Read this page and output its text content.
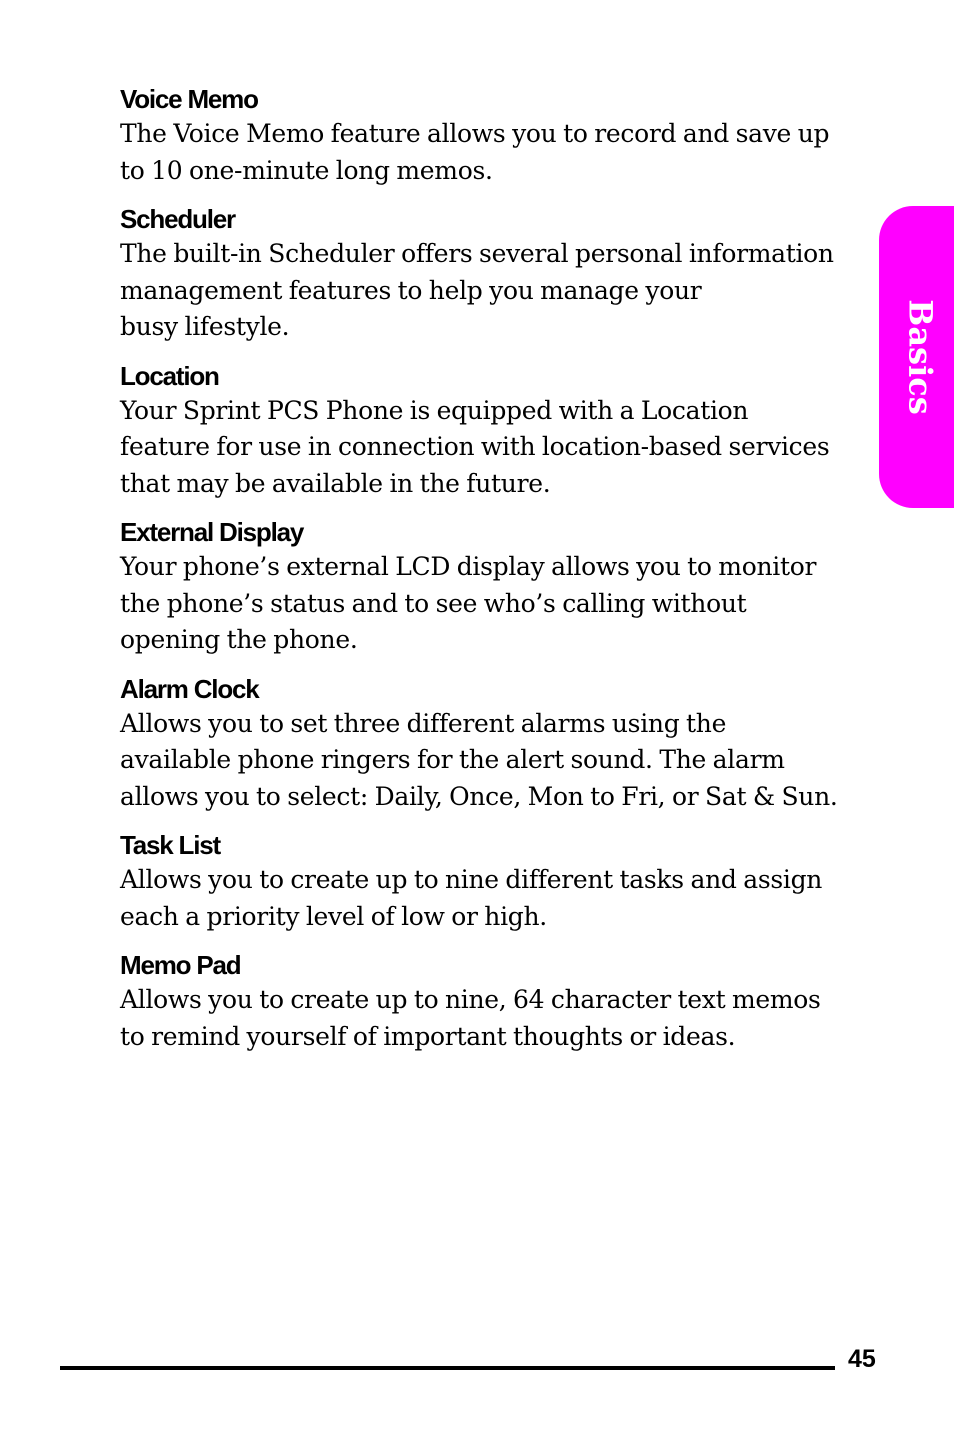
Voice Memo

The Voice Memo feature allows you to record and save up
to 10 one-minute long memos.

Scheduler

The built-in Scheduler offers several personal information
management features to help you manage your
busy lifestyle.

Location

Your Sprint PCS Phone is equipped with a Location
feature for use in connection with location-based services
that may be available in the future.

External Display

Your phone’s external LCD display allows you to monitor
the phone’s status and to see who’s calling without
opening the phone.

Alarm Clock

Allows you to set three different alarms using the
available phone ringers for the alert sound. The alarm
allows you to select: Daily, Once, Mon to Fri, or Sat & Sun.

Task List

Allows you to create up to nine different tasks and assign
each a priority level of low or high.

Memo Pad

Allows you to create up to nine, 64 character text memos
to remind yourself of important thoughts or ideas.

Basics
45
